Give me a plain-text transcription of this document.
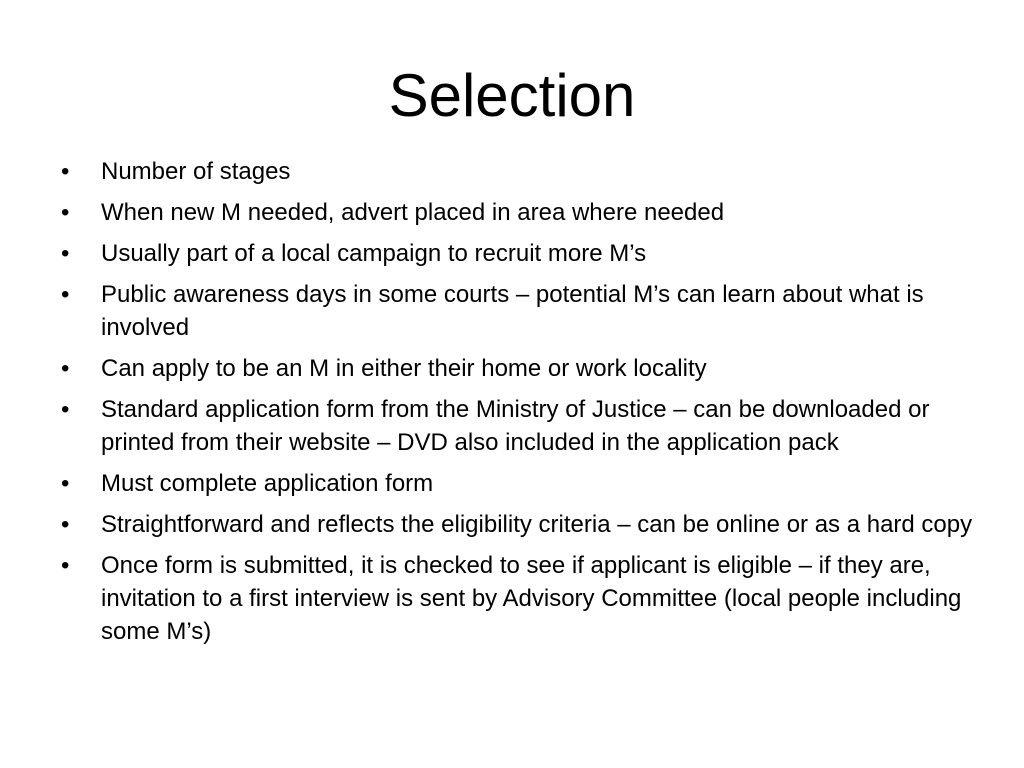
Selection
•	Number of stages
•	When new M needed, advert placed in area where needed
•	Usually part of a local campaign to recruit more M’s
•	Public awareness days in some courts – potential M’s can learn about what is involved
•	Can apply to be an M in either their home or work locality
•	Standard application form from the Ministry of Justice – can be downloaded or printed from their website – DVD also included in the application pack
•	Must complete application form
•	Straightforward and reflects the eligibility criteria – can be online or as a hard copy
•	Once form is submitted, it is checked to see if applicant is eligible – if they are, invitation to a first interview is sent by Advisory Committee (local people including some M’s)
